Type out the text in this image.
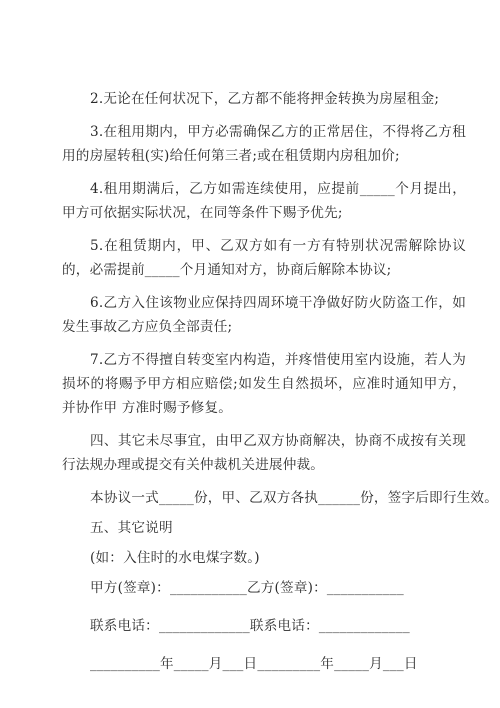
2.无论在任何状况下，乙方都不能将押金转换为房屋租金;

3.在租用期内，甲方必需确保乙方的正常居住，不得将乙方租用的房屋转租(实)给任何第三者;或在租赁期内房租加价;

4.租用期满后，乙方如需连续使用，应提前_____个月提出，甲方可依据实际状况，在同等条件下赐予优先;

5.在租赁期内，甲、乙双方如有一方有特别状况需解除协议的，必需提前_____个月通知对方，协商后解除本协议;

6.乙方入住该物业应保持四周环境干净做好防火防盗工作，如发生事故乙方应负全部责任;

7.乙方不得擅自转变室内构造，并疼惜使用室内设施，若人为损坏的将赐予甲方相应赔偿;如发生自然损坏，应准时通知甲方，并协作甲 方准时赐予修复。

四、其它未尽事宜，由甲乙双方协商解决，协商不成按有关现行法规办理或提交有关仲裁机关进展仲裁。

本协议一式_____份，甲、乙双方各执______份，签字后即行生效。
五、其它说明
(如：入住时的水电煤字数。)
甲方(签章)：___________乙方(签章)：___________
联系电话：_____________联系电话：_____________
__________年_____月___日_________年_____月___日
